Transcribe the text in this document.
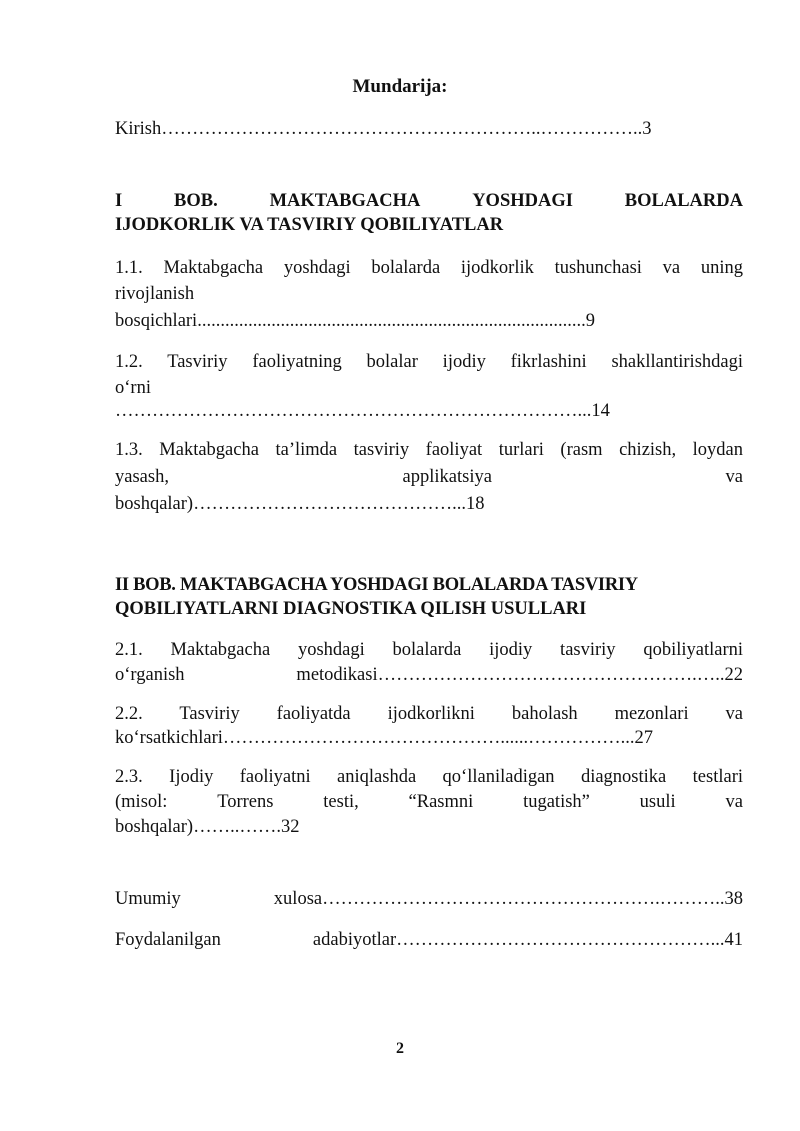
Mundarija:
Kirish……………………………………………………..……………..3
I	BOB.	MAKTABGACHA	YOSHDAGI	BOLALARDA
IJODKORLIK VA TASVIRIY QOBILIYATLAR
1.1. Maktabgacha yoshdagi bolalarda ijodkorlik tushunchasi va uning
rivojlanish
bosqichlari....................................................................................9
1.2. Tasviriy faoliyatning bolalar ijodiy fikrlashini shakllantirishdagi
o‘rni
…………………………………………………………………...14
1.3. Maktabgacha ta’limda tasviriy faoliyat turlari (rasm chizish, loydan
yasash,	applikatsiya	va
boshqalar)……………………………………...18
II BOB. MAKTABGACHA YOSHDAGI BOLALARDA TASVIRIY
QOBILIYATLARNI DIAGNOSTIKA QILISH USULLARI
2.1. Maktabgacha yoshdagi bolalarda ijodiy tasviriy qobiliyatlarni
o‘rganish metodikasi…………………………………………….…..22
2.2. Tasviriy faoliyatda ijodkorlikni baholash mezonlari va
ko‘rsatkichlari………………………………………......……………...27
2.3. Ijodiy faoliyatni aniqlashda qo‘llaniladigan diagnostika testlari
(misol:	Torrens	testi,	“Rasmni	tugatish”	usuli	va
boshqalar)……..…….32
Umumiy xulosa……………………………………………….………..38
Foydalanilgan adabiyotlar……………………………………………...41
2
